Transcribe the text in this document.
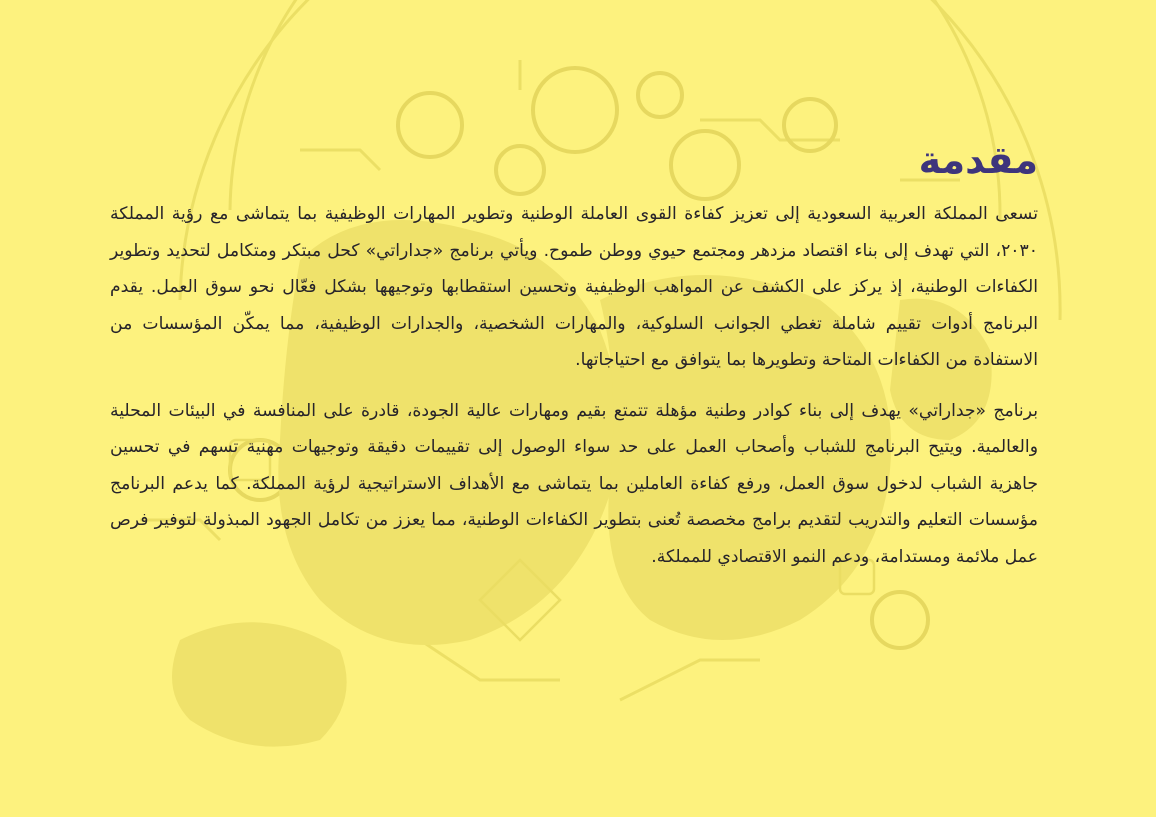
مقدمة

تسعى المملكة العربية السعودية إلى تعزيز كفاءة القوى العاملة الوطنية وتطوير المهارات الوظيفية بما يتماشى مع رؤية المملكة ٢٠٣٠، التي تهدف إلى بناء اقتصاد مزدهر ومجتمع حيوي ووطن طموح. ويأتي برنامج «جداراتي» كحل مبتكر ومتكامل لتحديد وتطوير الكفاءات الوطنية، إذ يركز على الكشف عن المواهب الوظيفية وتحسين استقطابها وتوجيهها بشكل فعّال نحو سوق العمل. يقدم البرنامج أدوات تقييم شاملة تغطي الجوانب السلوكية، والمهارات الشخصية، والجدارات الوظيفية، مما يمكّن المؤسسات من الاستفادة من الكفاءات المتاحة وتطويرها بما يتوافق مع احتياجاتها.

برنامج «جداراتي» يهدف إلى بناء كوادر وطنية مؤهلة تتمتع بقيم ومهارات عالية الجودة، قادرة على المنافسة في البيئات المحلية والعالمية. ويتيح البرنامج للشباب وأصحاب العمل على حد سواء الوصول إلى تقييمات دقيقة وتوجيهات مهنية تسهم في تحسين جاهزية الشباب لدخول سوق العمل، ورفع كفاءة العاملين بما يتماشى مع الأهداف الاستراتيجية لرؤية المملكة. كما يدعم البرنامج مؤسسات التعليم والتدريب لتقديم برامج مخصصة تُعنى بتطوير الكفاءات الوطنية، مما يعزز من تكامل الجهود المبذولة لتوفير فرص عمل ملائمة ومستدامة، ودعم النمو الاقتصادي للمملكة.
